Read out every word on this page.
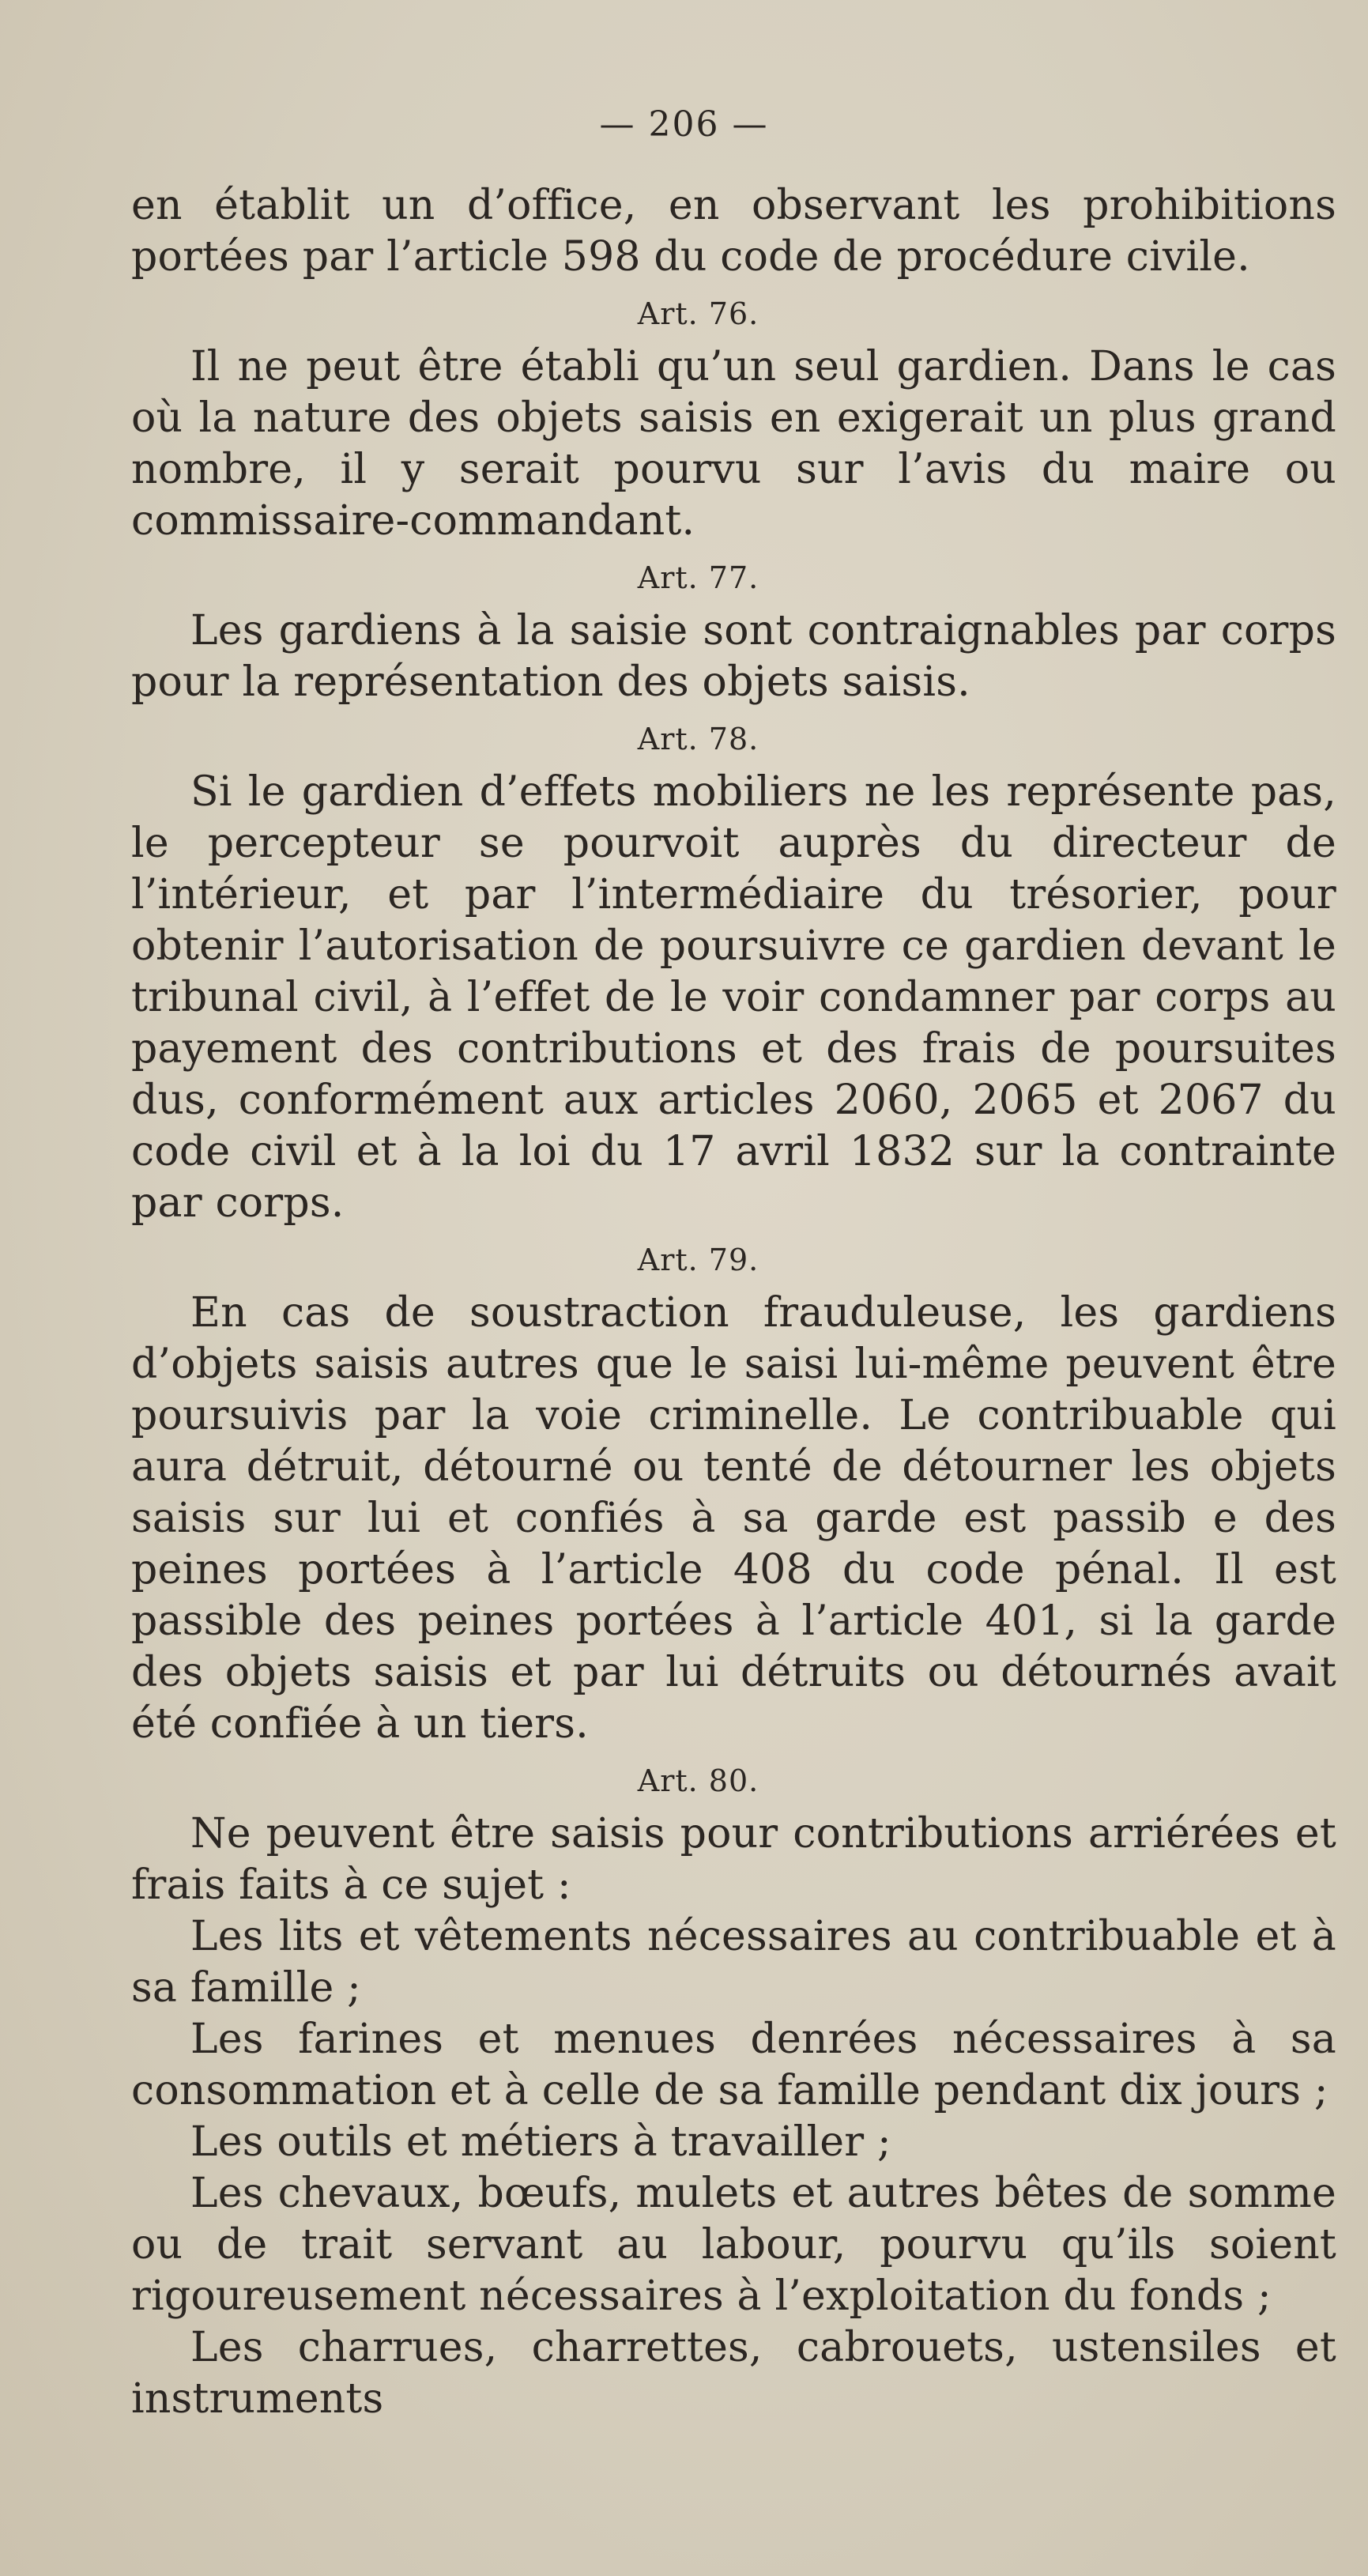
— 206 —

en établit un d’office, en observant les prohibitions portées par l’article 598 du code de procédure civile.

Art. 76.

Il ne peut être établi qu’un seul gardien. Dans le cas où la nature des objets saisis en exigerait un plus grand nombre, il y serait pourvu sur l’avis du maire ou commissaire-commandant.

Art. 77.

Les gardiens à la saisie sont contraignables par corps pour la représentation des objets saisis.

Art. 78.

Si le gardien d’effets mobiliers ne les représente pas, le percepteur se pourvoit auprès du directeur de l’intérieur, et par l’intermédiaire du trésorier, pour obtenir l’autorisation de poursuivre ce gardien devant le tribunal civil, à l’effet de le voir condamner par corps au payement des contributions et des frais de poursuites dus, conformément aux articles 2060, 2065 et 2067 du code civil et à la loi du 17 avril 1832 sur la contrainte par corps.

Art. 79.

En cas de soustraction frauduleuse, les gardiens d’objets saisis autres que le saisi lui-même peuvent être poursuivis par la voie criminelle. Le contribuable qui aura détruit, détourné ou tenté de détourner les objets saisis sur lui et confiés à sa garde est passib e des peines portées à l’article 408 du code pénal. Il est passible des peines portées à l’article 401, si la garde des objets saisis et par lui détruits ou détournés avait été confiée à un tiers.

Art. 80.

Ne peuvent être saisis pour contributions arriérées et frais faits à ce sujet :

Les lits et vêtements nécessaires au contribuable et à sa famille ;

Les farines et menues denrées nécessaires à sa consommation et à celle de sa famille pendant dix jours ;

Les outils et métiers à travailler ;

Les chevaux, bœufs, mulets et autres bêtes de somme ou de trait servant au labour, pourvu qu’ils soient rigoureusement nécessaires à l’exploitation du fonds ;

Les charrues, charrettes, cabrouets, ustensiles et instruments
